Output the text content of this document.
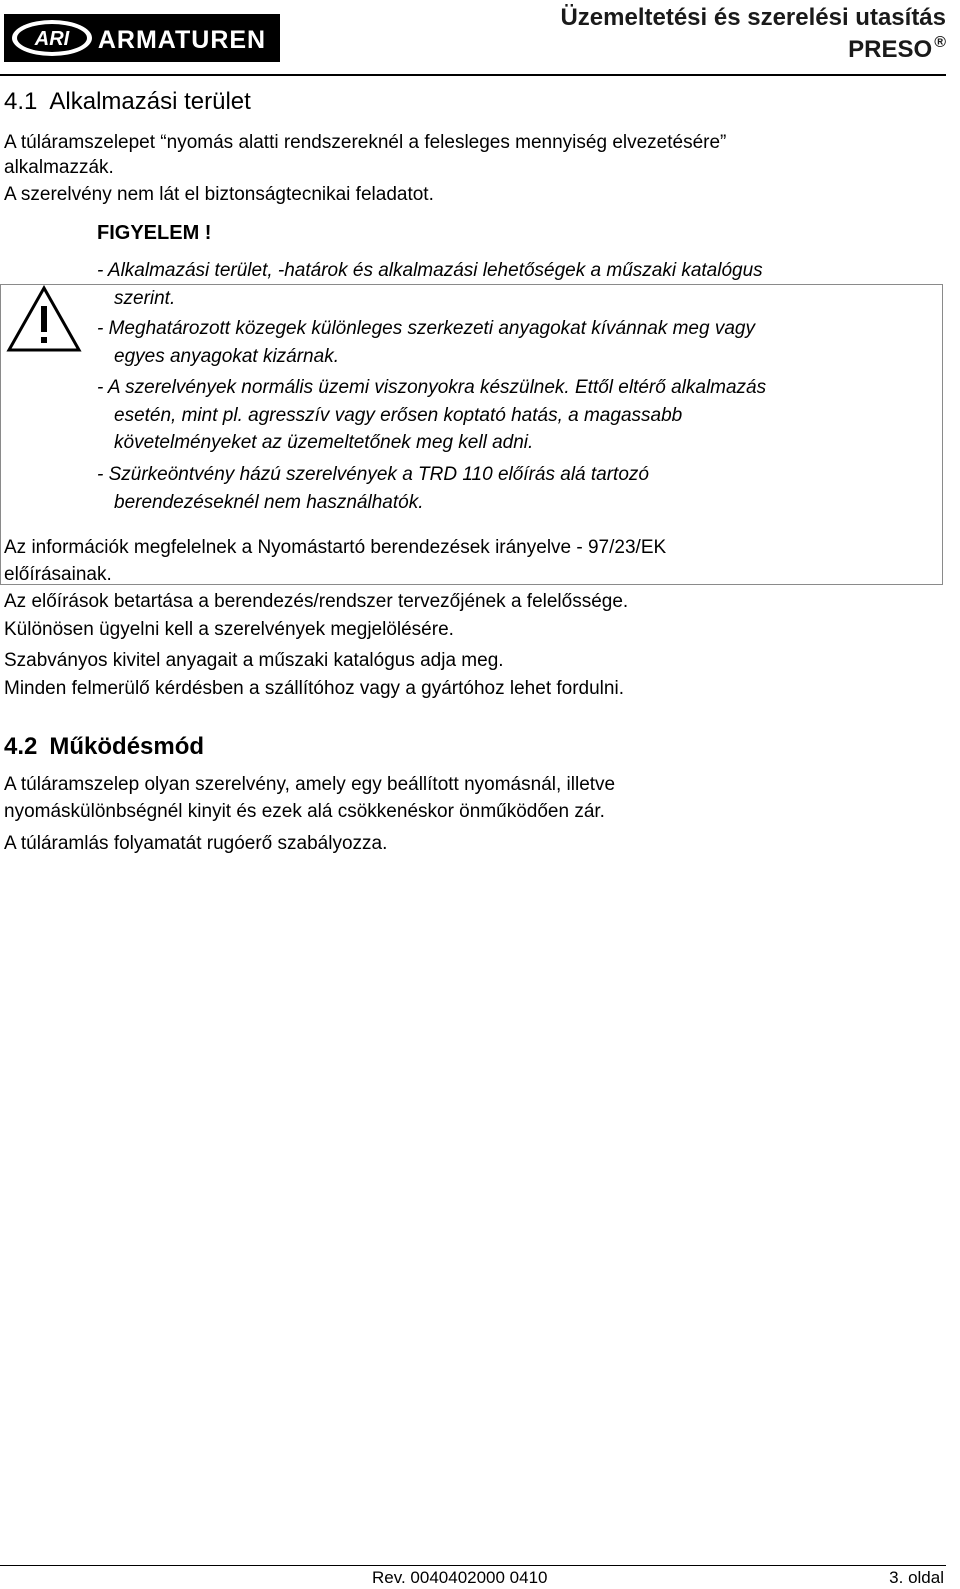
ARI ARMATUREN
Üzemeltetési és szerelési utasítás
PRESO ®
4.1 Alkalmazási terület
A túláramszelepet “nyomás alatti rendszereknél a felesleges mennyiség elvezetésére”
alkalmazzák.
A szerelvény nem lát el biztonságtecnikai feladatot.
FIGYELEM !
- Alkalmazási terület, -határok és alkalmazási lehetőségek a műszaki katalógus
szerint.
- Meghatározott közegek különleges szerkezeti anyagokat kívánnak meg vagy
egyes anyagokat kizárnak.
- A szerelvények normális üzemi viszonyokra készülnek. Ettől eltérő alkalmazás
esetén, mint pl. agresszív vagy erősen koptató hatás, a magassabb
követelményeket az üzemeltetőnek meg kell adni.
- Szürkeöntvény házú szerelvények a TRD 110 előírás alá tartozó
berendezéseknél nem használhatók.
Az információk megfelelnek a Nyomástartó berendezések irányelve - 97/23/EK
előírásainak.
Az előírások betartása a berendezés/rendszer tervezőjének a felelőssége.
Különösen ügyelni kell a szerelvények megjelölésére.
Szabványos kivitel anyagait a műszaki katalógus adja meg.
Minden felmerülő kérdésben a szállítóhoz vagy a gyártóhoz lehet fordulni.
4.2 Működésmód
A túláramszelep olyan szerelvény, amely egy beállított nyomásnál, illetve
nyomáskülönbségnél kinyit és ezek alá csökkenéskor önműködően zár.
A túláramlás folyamatát rugóerő szabályozza.
Rev. 0040402000 0410	3. oldal
